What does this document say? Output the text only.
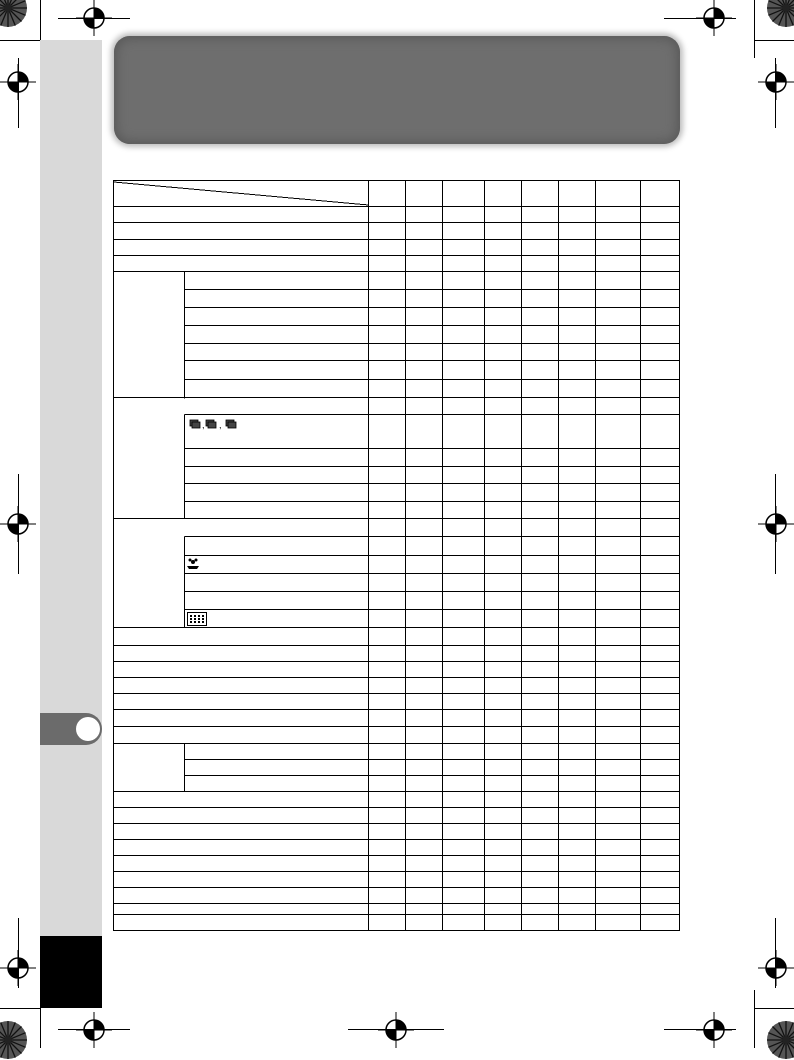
, ,
